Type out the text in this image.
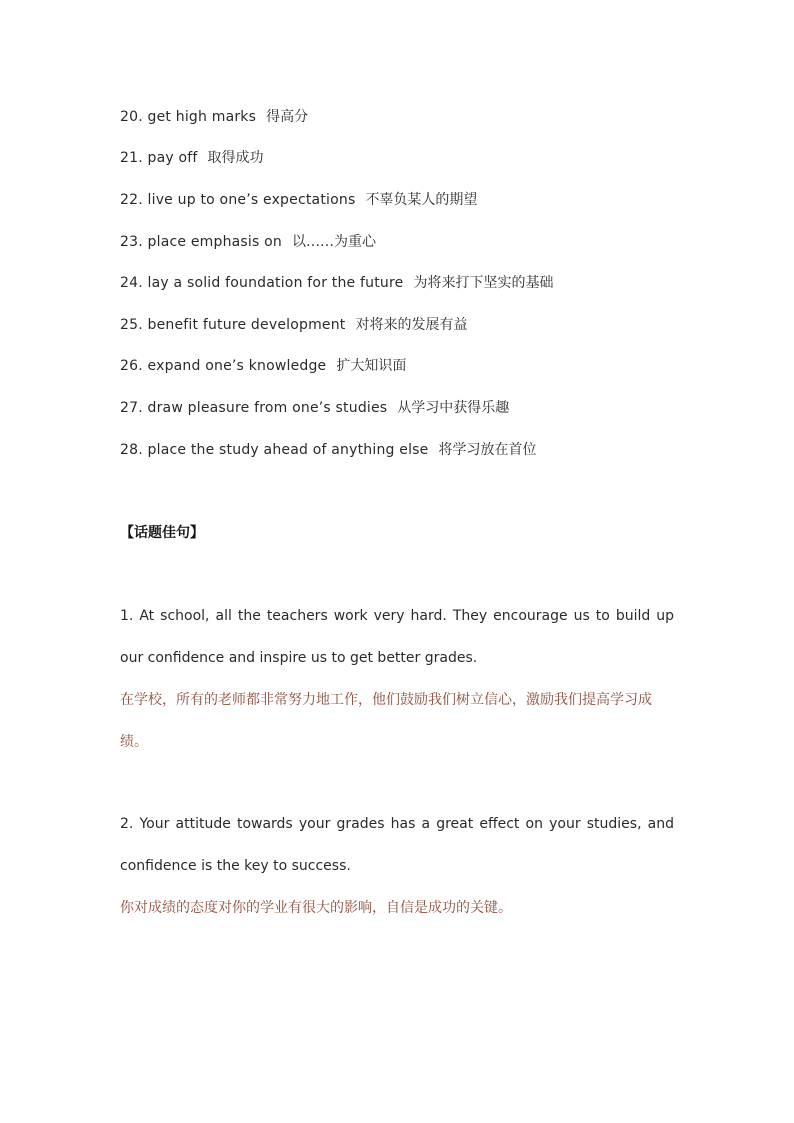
20. get high marks 得高分
21. pay off 取得成功
22. live up to one’s expectations 不辜负某人的期望
23. place emphasis on 以……为重心
24. lay a solid foundation for the future 为将来打下坚实的基础
25. benefit future development 对将来的发展有益
26. expand one’s knowledge 扩大知识面
27. draw pleasure from one’s studies 从学习中获得乐趣
28. place the study ahead of anything else 将学习放在首位
【话题佳句】
1. At school, all the teachers work very hard. They encourage us to build up our confidence and inspire us to get better grades.
在学校，所有的老师都非常努力地工作，他们鼓励我们树立信心，激励我们提高学习成绩。
2. Your attitude towards your grades has a great effect on your studies, and confidence is the key to success.
你对成绩的态度对你的学业有很大的影响，自信是成功的关键。
